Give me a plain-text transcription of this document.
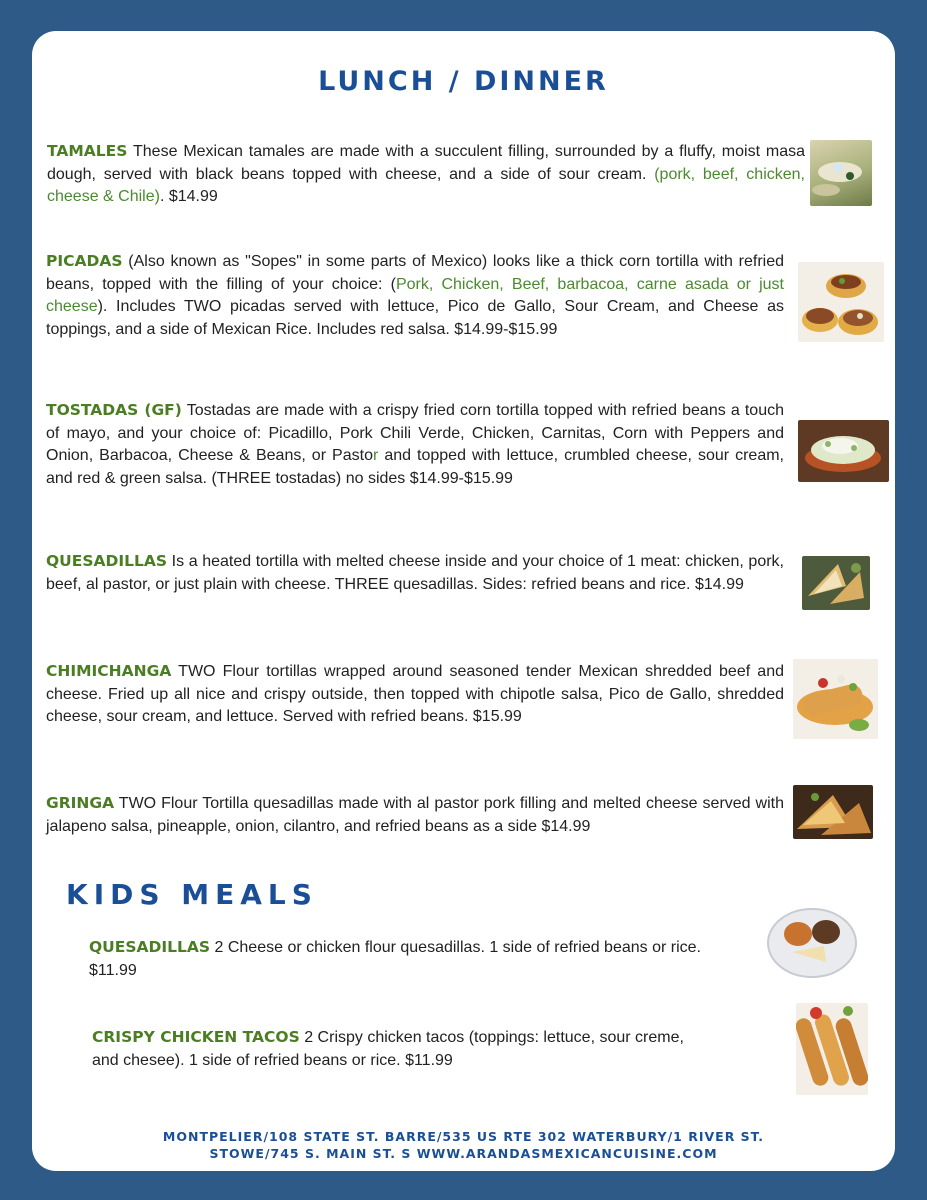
LUNCH / DINNER

TAMALES These Mexican tamales are made with a succulent filling, surrounded by a fluffy, moist masa dough, served with black beans topped with cheese, and a side of sour cream. (pork, beef, chicken, cheese & Chile). $14.99

PICADAS (Also known as "Sopes" in some parts of Mexico) looks like a thick corn tortilla with refried beans, topped with the filling of your choice: (Pork, Chicken, Beef, barbacoa, carne asada or just cheese). Includes TWO picadas served with lettuce, Pico de Gallo, Sour Cream, and Cheese as toppings, and a side of Mexican Rice. Includes red salsa. $14.99-$15.99

TOSTADAS (GF) Tostadas are made with a crispy fried corn tortilla topped with refried beans a touch of mayo, and your choice of: Picadillo, Pork Chili Verde, Chicken, Carnitas, Corn with Peppers and Onion, Barbacoa, Cheese & Beans, or Pastor and topped with lettuce, crumbled cheese, sour cream, and red & green salsa. (THREE tostadas) no sides $14.99-$15.99

QUESADILLAS Is a heated tortilla with melted cheese inside and your choice of 1 meat: chicken, pork, beef, al pastor, or just plain with cheese. THREE quesadillas. Sides: refried beans and rice. $14.99

CHIMICHANGA TWO Flour tortillas wrapped around seasoned tender Mexican shredded beef and cheese. Fried up all nice and crispy outside, then topped with chipotle salsa, Pico de Gallo, shredded cheese, sour cream, and lettuce. Served with refried beans. $15.99

GRINGA TWO Flour Tortilla quesadillas made with al pastor pork filling and melted cheese served with jalapeno salsa, pineapple, onion, cilantro, and refried beans as a side $14.99

KIDS MEALS

QUESADILLAS 2 Cheese or chicken flour quesadillas. 1 side of refried beans or rice. $11.99

CRISPY CHICKEN TACOS 2 Crispy chicken tacos (toppings: lettuce, sour creme, and chesee). 1 side of refried beans or rice. $11.99

MONTPELIER/108 STATE ST. BARRE/535 US RTE 302 WATERBURY/1 RIVER ST.
STOWE/745 S. MAIN ST. S WWW.ARANDASMEXICANCUISINE.COM
